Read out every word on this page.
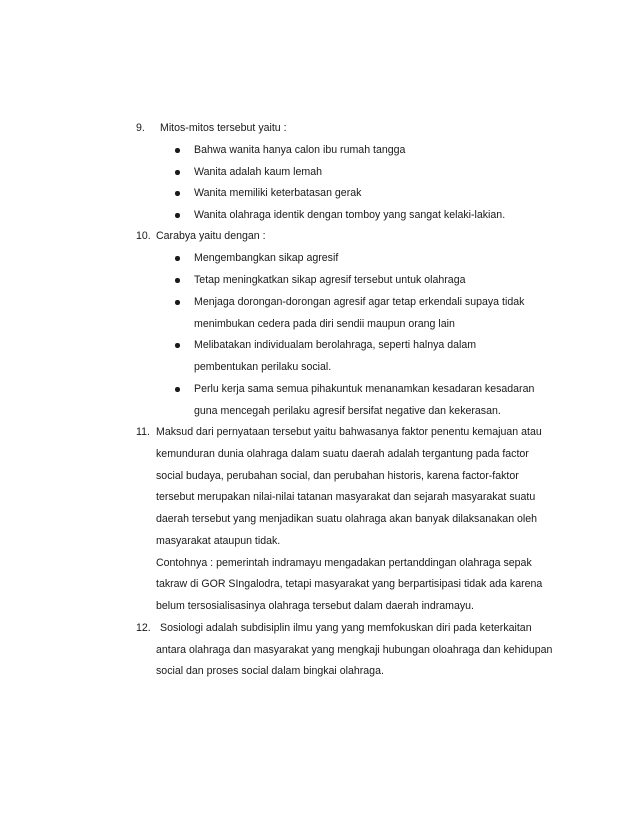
9. Mitos-mitos tersebut yaitu :
Bahwa wanita hanya calon ibu rumah tangga
Wanita adalah kaum lemah
Wanita memiliki keterbatasan gerak
Wanita olahraga identik dengan tomboy yang sangat kelaki-lakian.
10. Carabya yaitu dengan :
Mengembangkan sikap agresif
Tetap meningkatkan sikap agresif tersebut untuk olahraga
Menjaga dorongan-dorongan agresif agar tetap erkendali supaya tidak
menimbukan cedera pada diri sendii maupun orang lain
Melibatakan individualam berolahraga, seperti halnya dalam
pembentukan perilaku social.
Perlu kerja sama semua pihakuntuk menanamkan kesadaran kesadaran
guna mencegah perilaku agresif bersifat negative dan kekerasan.
11. Maksud dari pernyataan tersebut yaitu bahwasanya faktor penentu kemajuan atau
kemunduran dunia olahraga dalam suatu daerah adalah tergantung pada factor
social budaya, perubahan social, dan perubahan historis, karena factor-faktor
tersebut merupakan nilai-nilai tatanan masyarakat dan sejarah masyarakat suatu
daerah tersebut yang menjadikan suatu olahraga akan banyak dilaksanakan oleh
masyarakat ataupun tidak.
Contohnya : pemerintah indramayu mengadakan pertanddingan olahraga sepak
takraw di GOR SIngalodra, tetapi masyarakat yang berpartisipasi tidak ada karena
belum tersosialisasinya olahraga tersebut dalam daerah indramayu.
12. Sosiologi adalah subdisiplin ilmu yang yang memfokuskan diri pada keterkaitan
antara olahraga dan masyarakat yang mengkaji hubungan oloahraga dan kehidupan
social dan proses social dalam bingkai olahraga.
